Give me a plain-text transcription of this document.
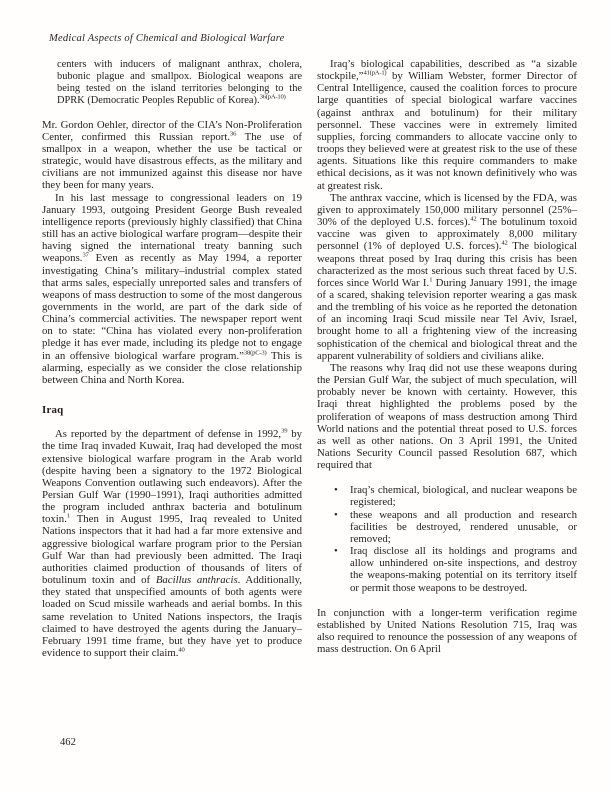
Medical Aspects of Chemical and Biological Warfare
centers with inducers of malignant anthrax, cholera, bubonic plague and smallpox. Biological weapons are being tested on the island territories belonging to the DPRK (Democratic Peoples Republic of Korea).$^{36(pA-10)}$

Mr. Gordon Oehler, director of the CIA’s Non-Proliferation Center, confirmed this Russian report.$^{36}$ The use of smallpox in a weapon, whether the use be tactical or strategic, would have disastrous effects, as the military and civilians are not immunized against this disease nor have they been for many years.

In his last message to congressional leaders on 19 January 1993, outgoing President George Bush revealed intelligence reports (previously highly classified) that China still has an active biological warfare program—despite their having signed the international treaty banning such weapons.$^{37}$ Even as recently as May 1994, a reporter investigating China’s military–industrial complex stated that arms sales, especially unreported sales and transfers of weapons of mass destruction to some of the most dangerous governments in the world, are part of the dark side of China’s commercial activities. The newspaper report went on to state: “China has violated every non-proliferation pledge it has ever made, including its pledge not to engage in an offensive biological warfare program.”$^{38(pC-3)}$ This is alarming, especially as we consider the close relationship between China and North Korea.

Iraq

As reported by the department of defense in 1992,39 by the time Iraq invaded Kuwait, Iraq had developed the most extensive biological warfare program in the Arab world (despite having been a signatory to the 1972 Biological Weapons Convention outlawing such endeavors). After the Persian Gulf War (1990–1991), Iraqi authorities admitted the program included anthrax bacteria and botulinum toxin.$^1$ Then in August 1995, Iraq revealed to United Nations inspectors that it had had a far more extensive and aggressive biological warfare program prior to the Persian Gulf War than had previously been admitted. The Iraqi authorities claimed production of thousands of liters of botulinum toxin and of Bacillus anthracis. Additionally, they stated that unspecified amounts of both agents were loaded on Scud missile warheads and aerial bombs. In this same revelation to United Nations inspectors, the Iraqis claimed to have destroyed the agents during the January–February 1991 time frame, but they have yet to produce evidence to support their claim.$^{40}$

Iraq’s biological capabilities, described as “a sizable stockpile,”$^{41(pA-1)}$ by William Webster, former Director of Central Intelligence, caused the coalition forces to procure large quantities of special biological warfare vaccines (against anthrax and botulinum) for their military personnel. These vaccines were in extremely limited supplies, forcing commanders to allocate vaccine only to troops they believed were at greatest risk to the use of these agents. Situations like this require commanders to make ethical decisions, as it was not known definitively who was at greatest risk.

The anthrax vaccine, which is licensed by the FDA, was given to approximately 150,000 military personnel (25%–30% of the deployed U.S. forces).$^{42}$ The botulinum toxoid vaccine was given to approximately 8,000 military personnel (1% of deployed U.S. forces).$^{42}$ The biological weapons threat posed by Iraq during this crisis has been characterized as the most serious such threat faced by U.S. forces since World War I.$^1$ During January 1991, the image of a scared, shaking television reporter wearing a gas mask and the trembling of his voice as he reported the detonation of an incoming Iraqi Scud missile near Tel Aviv, Israel, brought home to all a frightening view of the increasing sophistication of the chemical and biological threat and the apparent vulnerability of soldiers and civilians alike.

The reasons why Iraq did not use these weapons during the Persian Gulf War, the subject of much speculation, will probably never be known with certainty. However, this Iraqi threat highlighted the problems posed by the proliferation of weapons of mass destruction among Third World nations and the potential threat posed to U.S. forces as well as other nations. On 3 April 1991, the United Nations Security Council passed Resolution 687, which required that

• Iraq’s chemical, biological, and nuclear weapons be registered;
• these weapons and all production and research facilities be destroyed, rendered unusable, or removed;
• Iraq disclose all its holdings and programs and allow unhindered on-site inspections, and destroy the weapons-making potential on its territory itself or permit those weapons to be destroyed.

In conjunction with a longer-term verification regime established by United Nations Resolution 715, Iraq was also required to renounce the possession of any weapons of mass destruction. On 6 April

462
